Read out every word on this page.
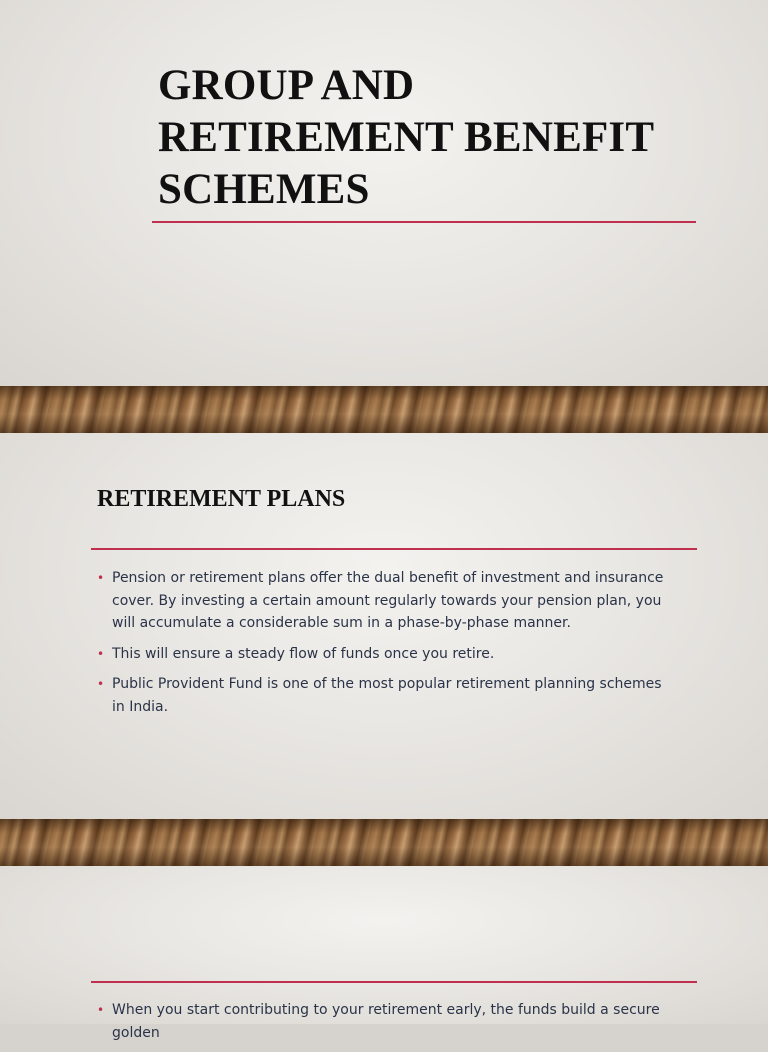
GROUP AND
RETIREMENT BENEFIT
SCHEMES
RETIREMENT PLANS
• Pension or retirement plans offer the dual benefit of investment and insurance cover. By investing a certain amount regularly towards your pension plan, you will accumulate a considerable sum in a phase-by-phase manner.
• This will ensure a steady flow of funds once you retire.
• Public Provident Fund is one of the most popular retirement planning schemes in India.
• When you start contributing to your retirement early, the funds build a secure golden
